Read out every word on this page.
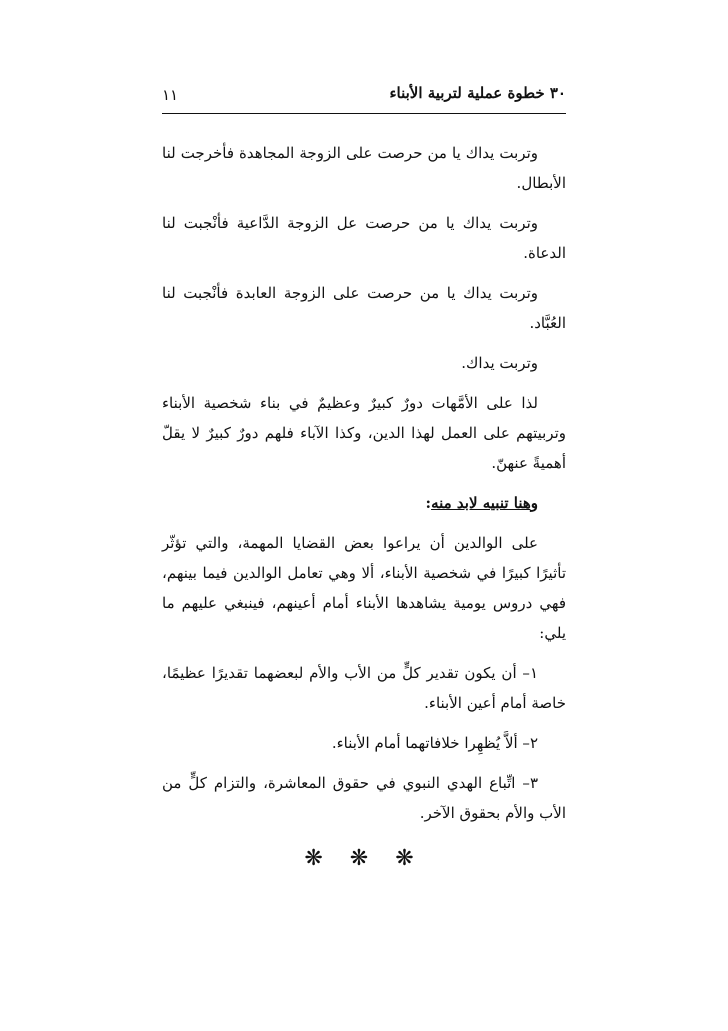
٣٠ خطوة عملية لتربية الأبناء
١١

وتربت يداك يا من حرصت على الزوجة المجاهدة فأخرجت لنا الأبطال.

وتربت يداك يا من حرصت عل الزوجة الدَّاعية فأنْجبت لنا الدعاة.

وتربت يداك يا من حرصت على الزوجة العابدة فأنْجبت لنا العُبَّاد.

وتربت يداك.

لذا على الأمَّهات دورٌ كبيرٌ وعظيمٌ في بناء شخصية الأبناء وتربيتهم على العمل لهذا الدين، وكذا الآباء فلهم دورٌ كبيرٌ لا يقلّ أهميةً عنهنّ.

وهنا تنبيه لابد منه:

على الوالدين أن يراعوا بعض القضايا المهمة، والتي تؤثّر تأثيرًا كبيرًا في شخصية الأبناء، ألا وهي تعامل الوالدين فيما بينهم، فهي دروس يومية يشاهدها الأبناء أمام أعينهم، فينبغي عليهم ما يلي:

١– أن يكون تقدير كلٍّ من الأب والأم لبعضهما تقديرًا عظيمًا، خاصة أمام أعين الأبناء.

٢– ألاَّ يُظهِرا خلافاتهما أمام الأبناء.

٣– اتِّباع الهدي النبوي في حقوق المعاشرة، والتزام كلٍّ من الأب والأم بحقوق الآخر.

❋ ❋ ❋
